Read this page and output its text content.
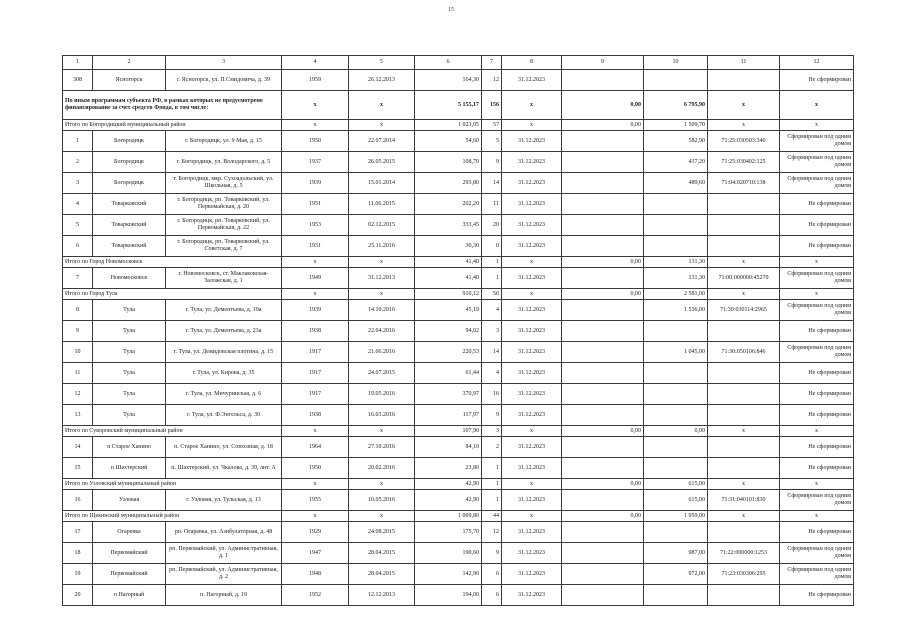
15
1	2	3	4	5	6	7	8	9	10	11	12
308	Ясногорск	г. Ясногорск, ул. П.Смидовича, д. 39	1959	26.12.2013	164,30	12	31.12.2023				Не сформирован
По иным программам субъекта РФ, в рамках которых не предусмотрено финансирование за счет средств Фонда, в том числе:			х	х	5 155,17	156	х	0,00	6 795,90	х	х
Итого по Богородицкий муниципальный район			х	х	1 023,05	57	х	0,00	1 509,70	х	х
1	Богородицк	г. Богородицк, ул. 9 Мая, д. 15	1950	22.07.2014	54,60	5	31.12.2023		582,90	71:25:030503:340	Сформирован под одним домом
2	Богородицк	г. Богородицк, ул. Володарского, д. 5	1937	26.05.2015	108,70	9	31.12.2023		437,20	71:25:030402:125	Сформирован под одним домом
3	Богородицк	г. Богородицк, мкр. Сухоадольский, ул. Школьная, д. 5	1939	15.01.2014	293,80	14	31.12.2023		489,60	71:04:020710:138	Сформирован под одним домом
4	Товарковский	г. Богородицк, рп. Товарковский, ул. Первомайская, д. 20	1951	11.06.2015	202,20	11	31.12.2023				Не сформирован
5	Товарковский	г. Богородицк, рп. Товарковский, ул. Первомайская, д. 22	1953	02.12.2015	333,45	20	31.12.2023				Не сформирован
6	Товарковский	г. Богородицк, рп. Товарковский, ул. Советская, д. 7	1931	25.11.2016	30,30	0	31.12.2023				Не сформирован
Итого по Город Новомосковск			х	х	41,40	1	х	0,00	131,30	х	х
7	Новомосковск	г. Новомосковск, ст. Маклаковская-Заложская, д. 1	1949	31.12.2013	41,40	1	31.12.2023		131,30	71:00:000000:45270	Сформирован под одним домом
Итого по Город Тула			х	х	910,12	50	х	0,00	2 581,00	х	х
8	Тула	г. Тула, ул. Дементьева, д. 19а	1939	14.10.2016	45,19	4	31.12.2023		1 536,00	71:30:030114:2965	Сформирован под одним домом
9	Тула	г. Тула, ул. Дементьева, д. 23а	1938	22.04.2016	94,02	3	31.12.2023				Не сформирован
10	Тула	г. Тула, ул. Демидовская плотина, д. 15	1917	21.06.2016	220,53	14	31.12.2023		1 045,00	71:30:050106:846	Сформирован под одним домом
11	Тула	г. Тула, ул. Кирова, д. 35	1917	24.07.2015	61,44	4	31.12.2023				Не сформирован
12	Тула	г. Тула, ул. Мичуринская, д. 6	1917	19.05.2016	370,97	16	31.12.2023				Не сформирован
13	Тула	г. Тула, ул. Ф.Энгельса, д. 30	1938	16.03.2016	117,97	9	31.12.2023				Не сформирован
Итого по Суворовский муниципальный район			х	х	107,90	3	х	0,00	0,00	х	х
14	п Старое Ханино	п. Старое Ханино, ул. Совхозная, д. 18	1964	27.10.2016	84,10	2	31.12.2023				Не сформирован
15	п Шахтерский	п. Шахтерский, ул. Чкалова, д. 39, лит. А	1950	20.02.2016	23,80	1	31.12.2023				Не сформирован
Итого по Узловский муниципальный район			х	х	42,90	1	х	0,00	615,00	х	х
16	Узловая	г. Узловая, ул. Тульская, д. 13	1955	10.05.2016	42,90	1	31.12.2023		615,00	71:31:040101:830	Сформирован под одним домом
Итого по Щекинский муниципальный район			х	х	1 009,80	44	х	0,00	1 959,00	х	х
17	Огаревка	рп. Огаревка, ул. Азибулаторная, д. 48	1929	24.08.2015	175,70	12	31.12.2023				Не сформирован
18	Первомайский	рп. Первомайский, ул. Административная, д. 1	1947	28.04.2015	190,60	9	31.12.2023		987,00	71:22:000000:1253	Сформирован под одним домом
19	Первомайский	рп. Первомайский, ул. Административная, д. 2	1948	28.04.2015	142,90	6	31.12.2023		972,00	71:23:030306:295	Сформирован под одним домом
20	п Нагорный	п. Нагорный, д. 19	1952	12.12.2013	194,00	6	31.12.2023				Не сформирован
